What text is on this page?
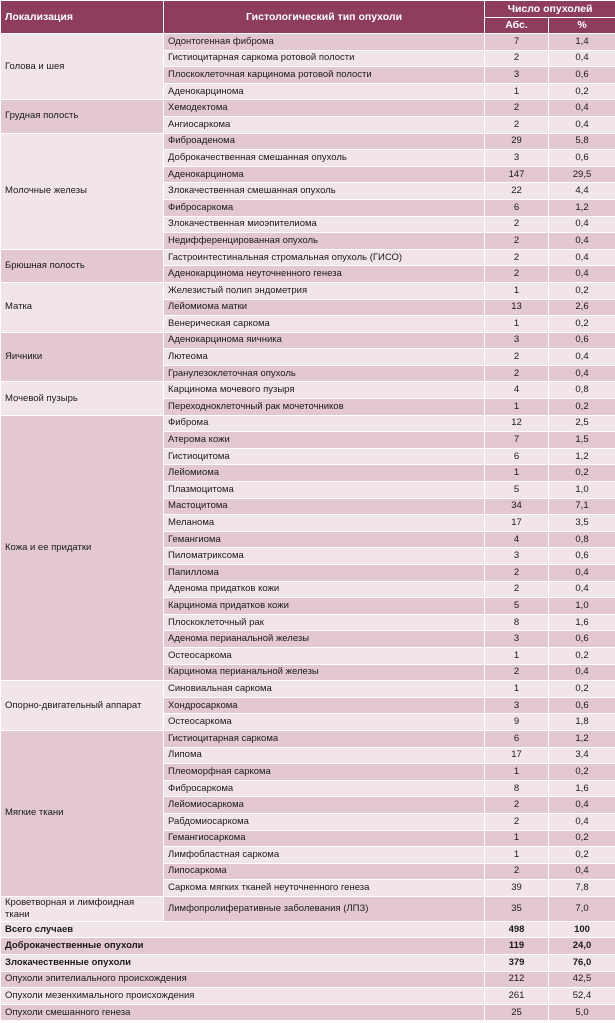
Локализация	Гистологический тип опухоли	Число опухолей	
		Абс.	%
Голова и шея	Одонтогенная фиброма	7	1,4
	Гистиоцитарная саркома ротовой полости	2	0,4
	Плоскоклеточная карцинома ротовой полости	3	0,6
	Аденокарцинома	1	0,2
Грудная полость	Хемодектома	2	0,4
	Ангиосаркома	2	0,4
Молочные железы	Фиброаденома	29	5,8
	Доброкачественная смешанная опухоль	3	0,6
	Аденокарцинома	147	29,5
	Злокачественная смешанная опухоль	22	4,4
	Фибросаркома	6	1,2
	Злокачественная миоэпителиома	2	0,4
	Недифференцированная опухоль	2	0,4
Брюшная полость	Гастроинтестинальная стромальная опухоль (ГИСО)	2	0,4
	Аденокарцинома неуточненного генеза	2	0,4
Матка	Железистый полип эндометрия	1	0,2
	Лейомиома матки	13	2,6
	Венерическая саркома	1	0,2
Яичники	Аденокарцинома яичника	3	0,6
	Лютеома	2	0,4
	Гранулезоклеточная опухоль	2	0,4
Мочевой пузырь	Карцинома мочевого пузыря	4	0,8
	Переходноклеточный рак мочеточников	1	0,2
Кожа и ее придатки	Фиброма	12	2,5
	Атерома кожи	7	1,5
	Гистиоцитома	6	1,2
	Лейомиома	1	0,2
	Плазмоцитома	5	1,0
	Мастоцитома	34	7,1
	Меланома	17	3,5
	Гемангиома	4	0,8
	Пиломатриксома	3	0,6
	Папиллома	2	0,4
	Аденома придатков кожи	2	0,4
	Карцинома придатков кожи	5	1,0
	Плоскоклеточный рак	8	1,6
	Аденома перианальной железы	3	0,6
	Остеосаркома	1	0,2
	Карцинома перианальной железы	2	0,4
Опорно-двигательный аппарат	Синовиальная саркома	1	0,2
	Хондросаркома	3	0,6
	Остеосаркома	9	1,8
Мягкие ткани	Гистиоцитарная саркома	6	1,2
	Липома	17	3,4
	Плеоморфная саркома	1	0,2
	Фибросаркома	8	1,6
	Лейомиосаркома	2	0,4
	Рабдомиосаркома	2	0,4
	Гемангиосаркома	1	0,2
	Лимфобластная саркома	1	0,2
	Липосаркома	2	0,4
	Саркома мягких тканей неуточненного генеза	39	7,8
Кроветворная и лимфоидная ткани	Лимфопролиферативные заболевания (ЛПЗ)	35	7,0
Всего случаев		498	100
Доброкачественные опухоли		119	24,0
Злокачественные опухоли		379	76,0
Опухоли эпителиального происхождения		212	42,5
Опухоли мезенхимального происхождения		261	52,4
Опухоли смешанного генеза		25	5,0
